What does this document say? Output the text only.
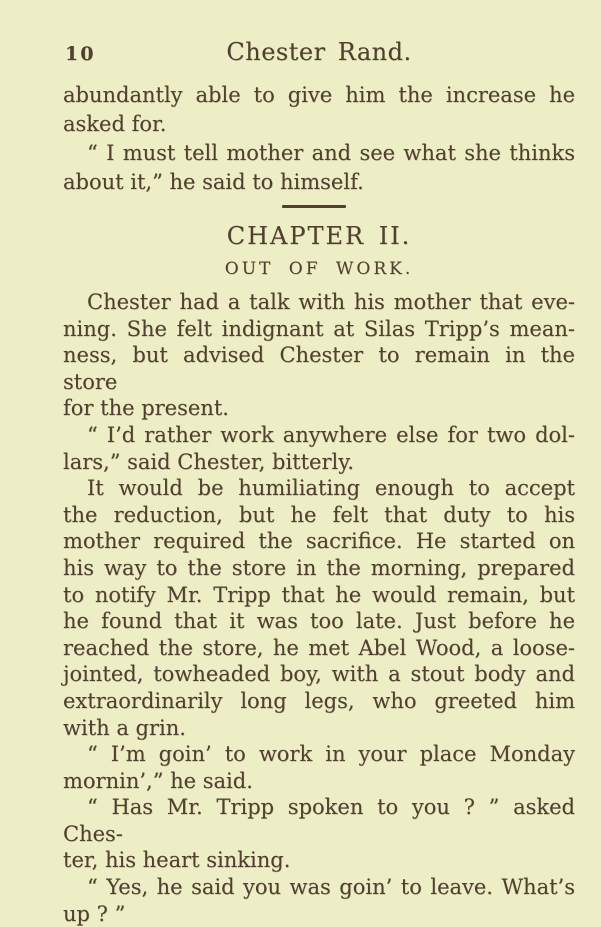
10	Chester Rand.
abundantly able to give him the increase he
asked for.
“ I must tell mother and see what she thinks
about it,” he said to himself.
CHAPTER II.
OUT OF WORK.
Chester had a talk with his mother that eve-
ning. She felt indignant at Silas Tripp’s mean-
ness, but advised Chester to remain in the store
for the present.
“ I’d rather work anywhere else for two dol-
lars,” said Chester, bitterly.
It would be humiliating enough to accept
the reduction, but he felt that duty to his
mother required the sacrifice. He started on
his way to the store in the morning, prepared
to notify Mr. Tripp that he would remain, but
he found that it was too late. Just before he
reached the store, he met Abel Wood, a loose-
jointed, towheaded boy, with a stout body and
extraordinarily long legs, who greeted him
with a grin.
“ I’m goin’ to work in your place Monday
mornin’,” he said.
“ Has Mr. Tripp spoken to you ? ” asked Ches-
ter, his heart sinking.
“ Yes, he said you was goin’ to leave. What’s
up ? ”
